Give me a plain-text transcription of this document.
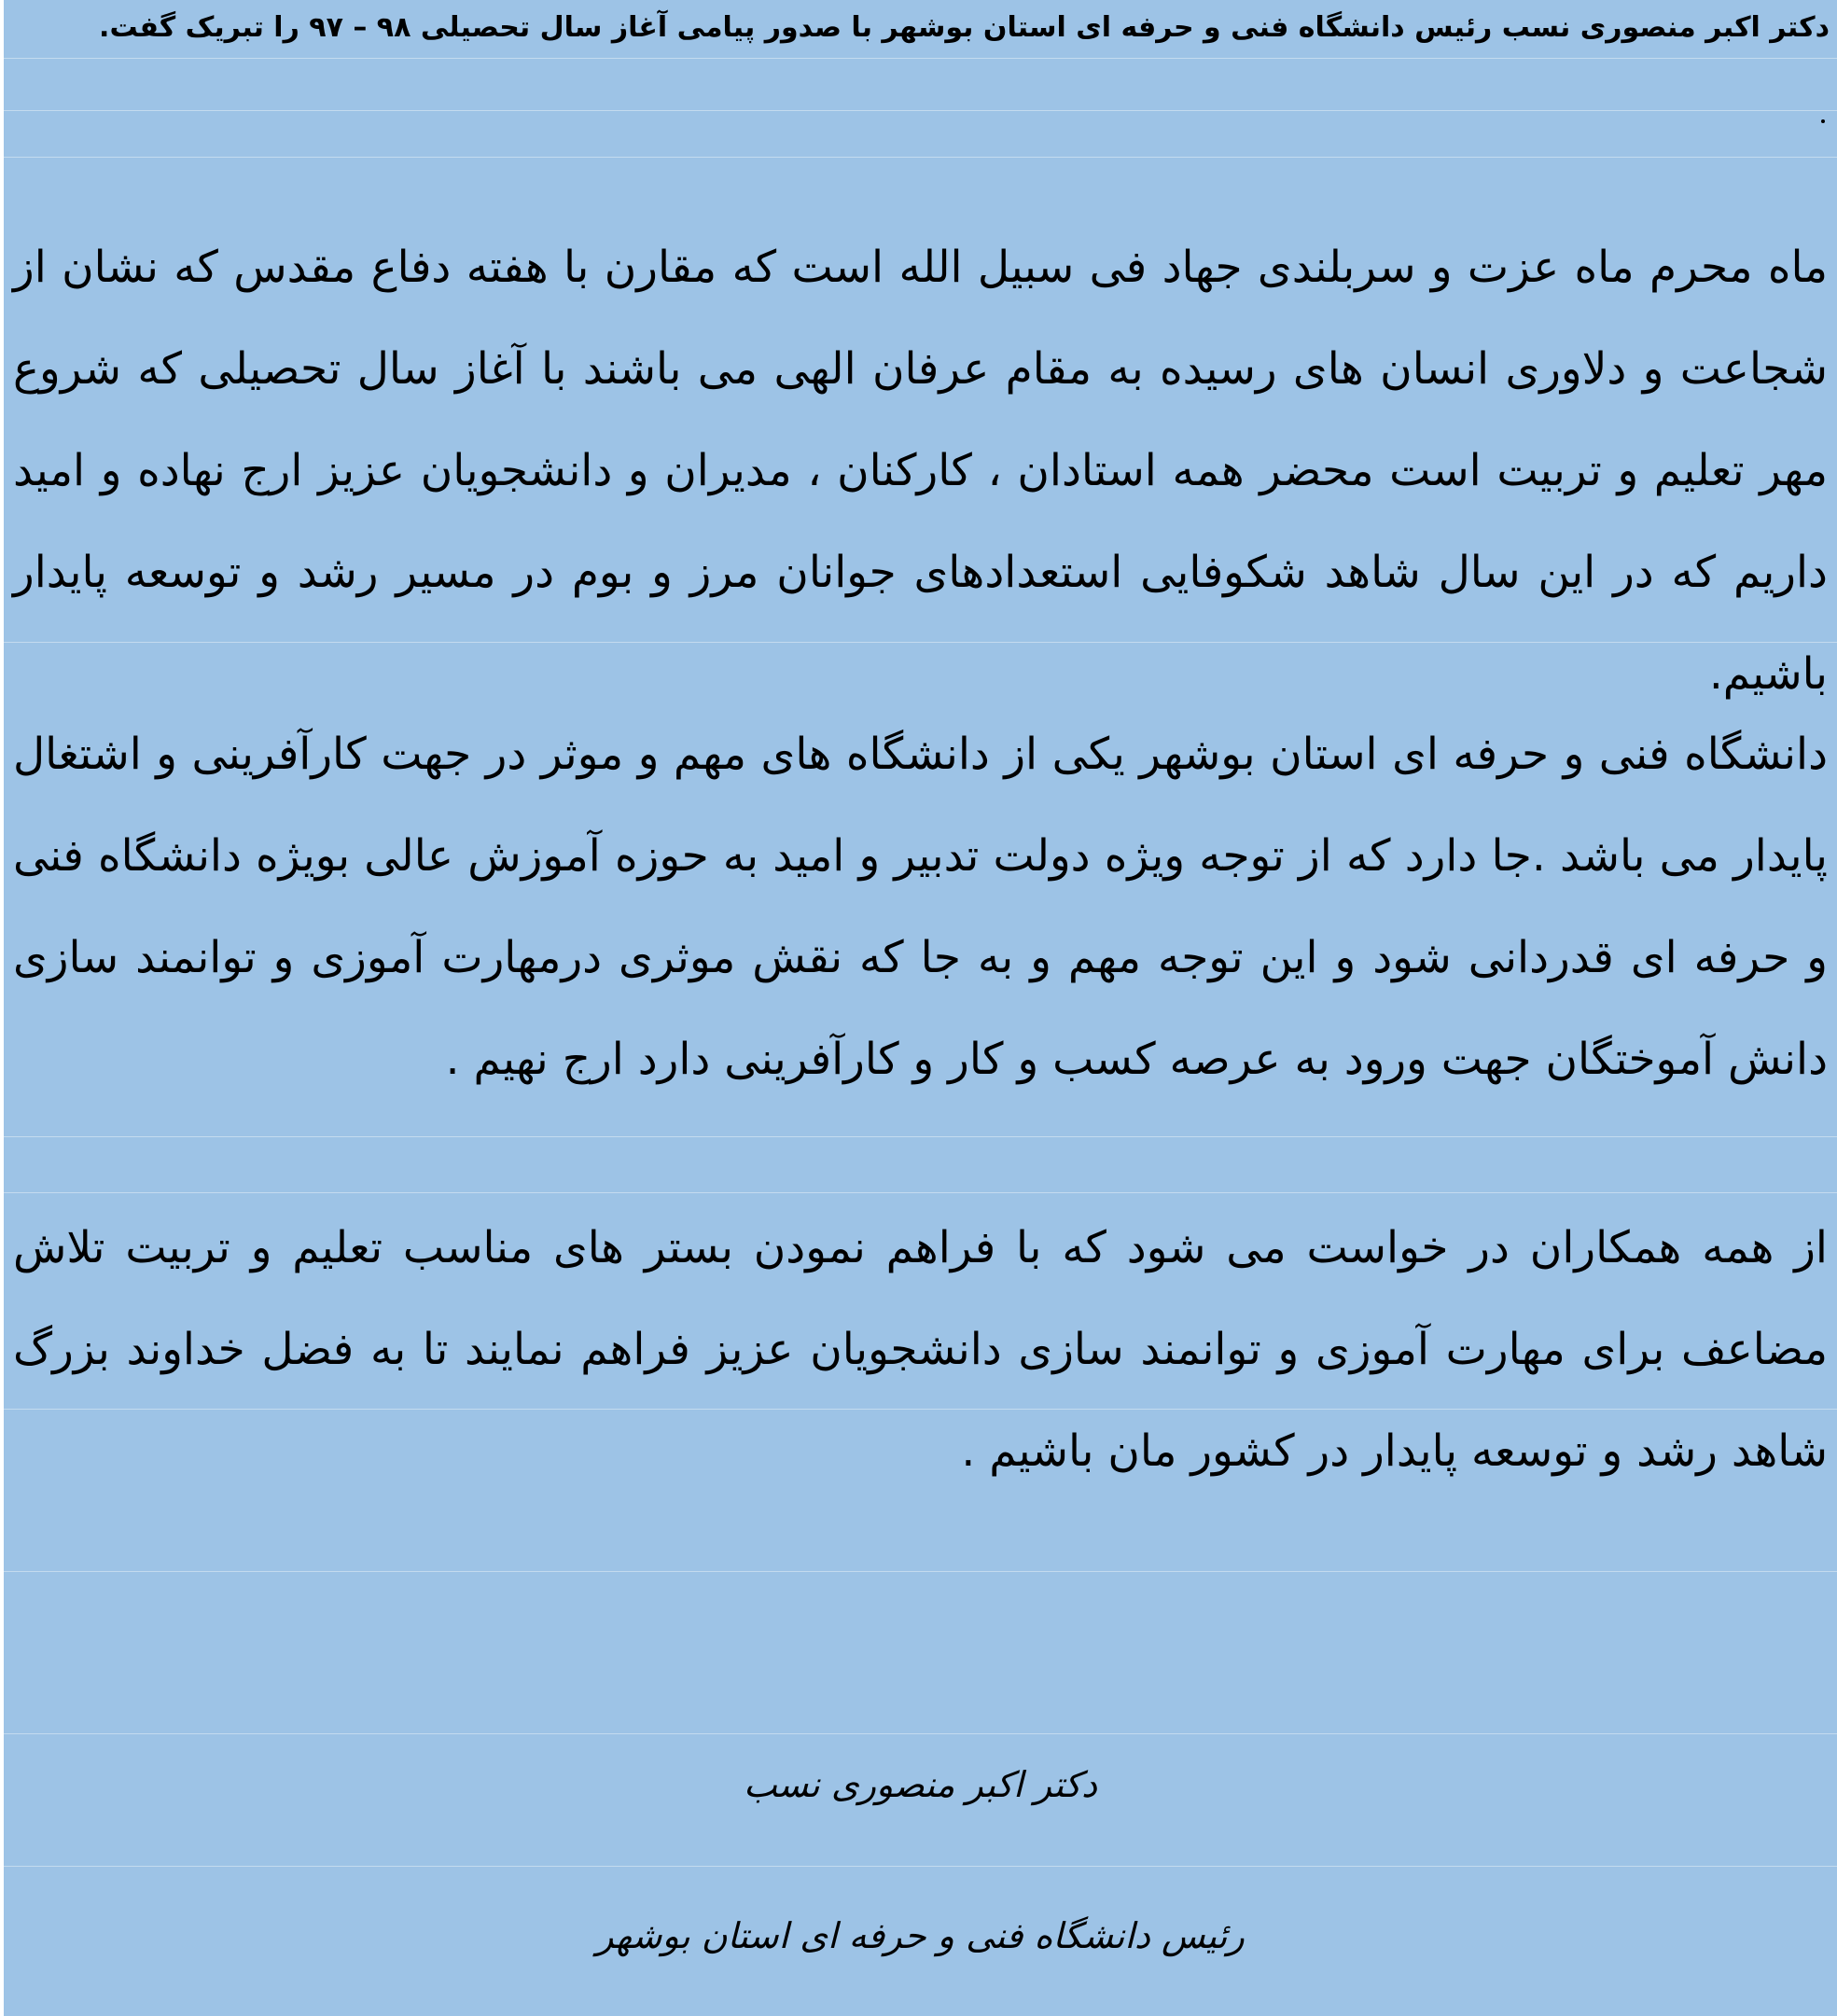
دکتر اکبر منصوری نسب رئیس دانشگاه فنی و حرفه ای استان بوشهر با صدور پیامی آغاز سال تحصیلی ۹۸ – ۹۷ را تبریک گفت.

ماه محرم ماه عزت و سربلندی جهاد فی سبیل الله است که مقارن با هفته دفاع مقدس که نشان از شجاعت و دلاوری انسان های رسیده به مقام عرفان الهی می باشند با آغاز سال تحصیلی که شروع مهر تعلیم و تربیت است محضر همه استادان ، کارکنان ، مدیران و دانشجویان عزیز ارج نهاده و امید داریم که در این سال شاهد شکوفایی استعدادهای جوانان مرز و بوم در مسیر رشد و توسعه پایدار باشیم.

دانشگاه فنی و حرفه ای استان بوشهر یکی از دانشگاه های مهم و موثر در جهت کارآفرینی و اشتغال پایدار می باشد .جا دارد که از توجه ویژه دولت تدبیر و امید به حوزه آموزش عالی بویژه دانشگاه فنی و حرفه ای قدردانی شود و این توجه مهم و به جا که نقش موثری درمهارت آموزی و توانمند سازی دانش آموختگان جهت ورود به عرصه کسب و کار و کارآفرینی دارد ارج نهیم .

از همه همکاران در خواست می شود که با فراهم نمودن بستر های مناسب تعلیم و تربیت تلاش مضاعف برای مهارت آموزی و توانمند سازی دانشجویان عزیز فراهم نمایند تا به فضل خداوند بزرگ شاهد رشد و توسعه پایدار در کشور مان باشیم .

دکتر اکبر منصوری نسب

رئیس دانشگاه فنی و حرفه ای استان بوشهر
